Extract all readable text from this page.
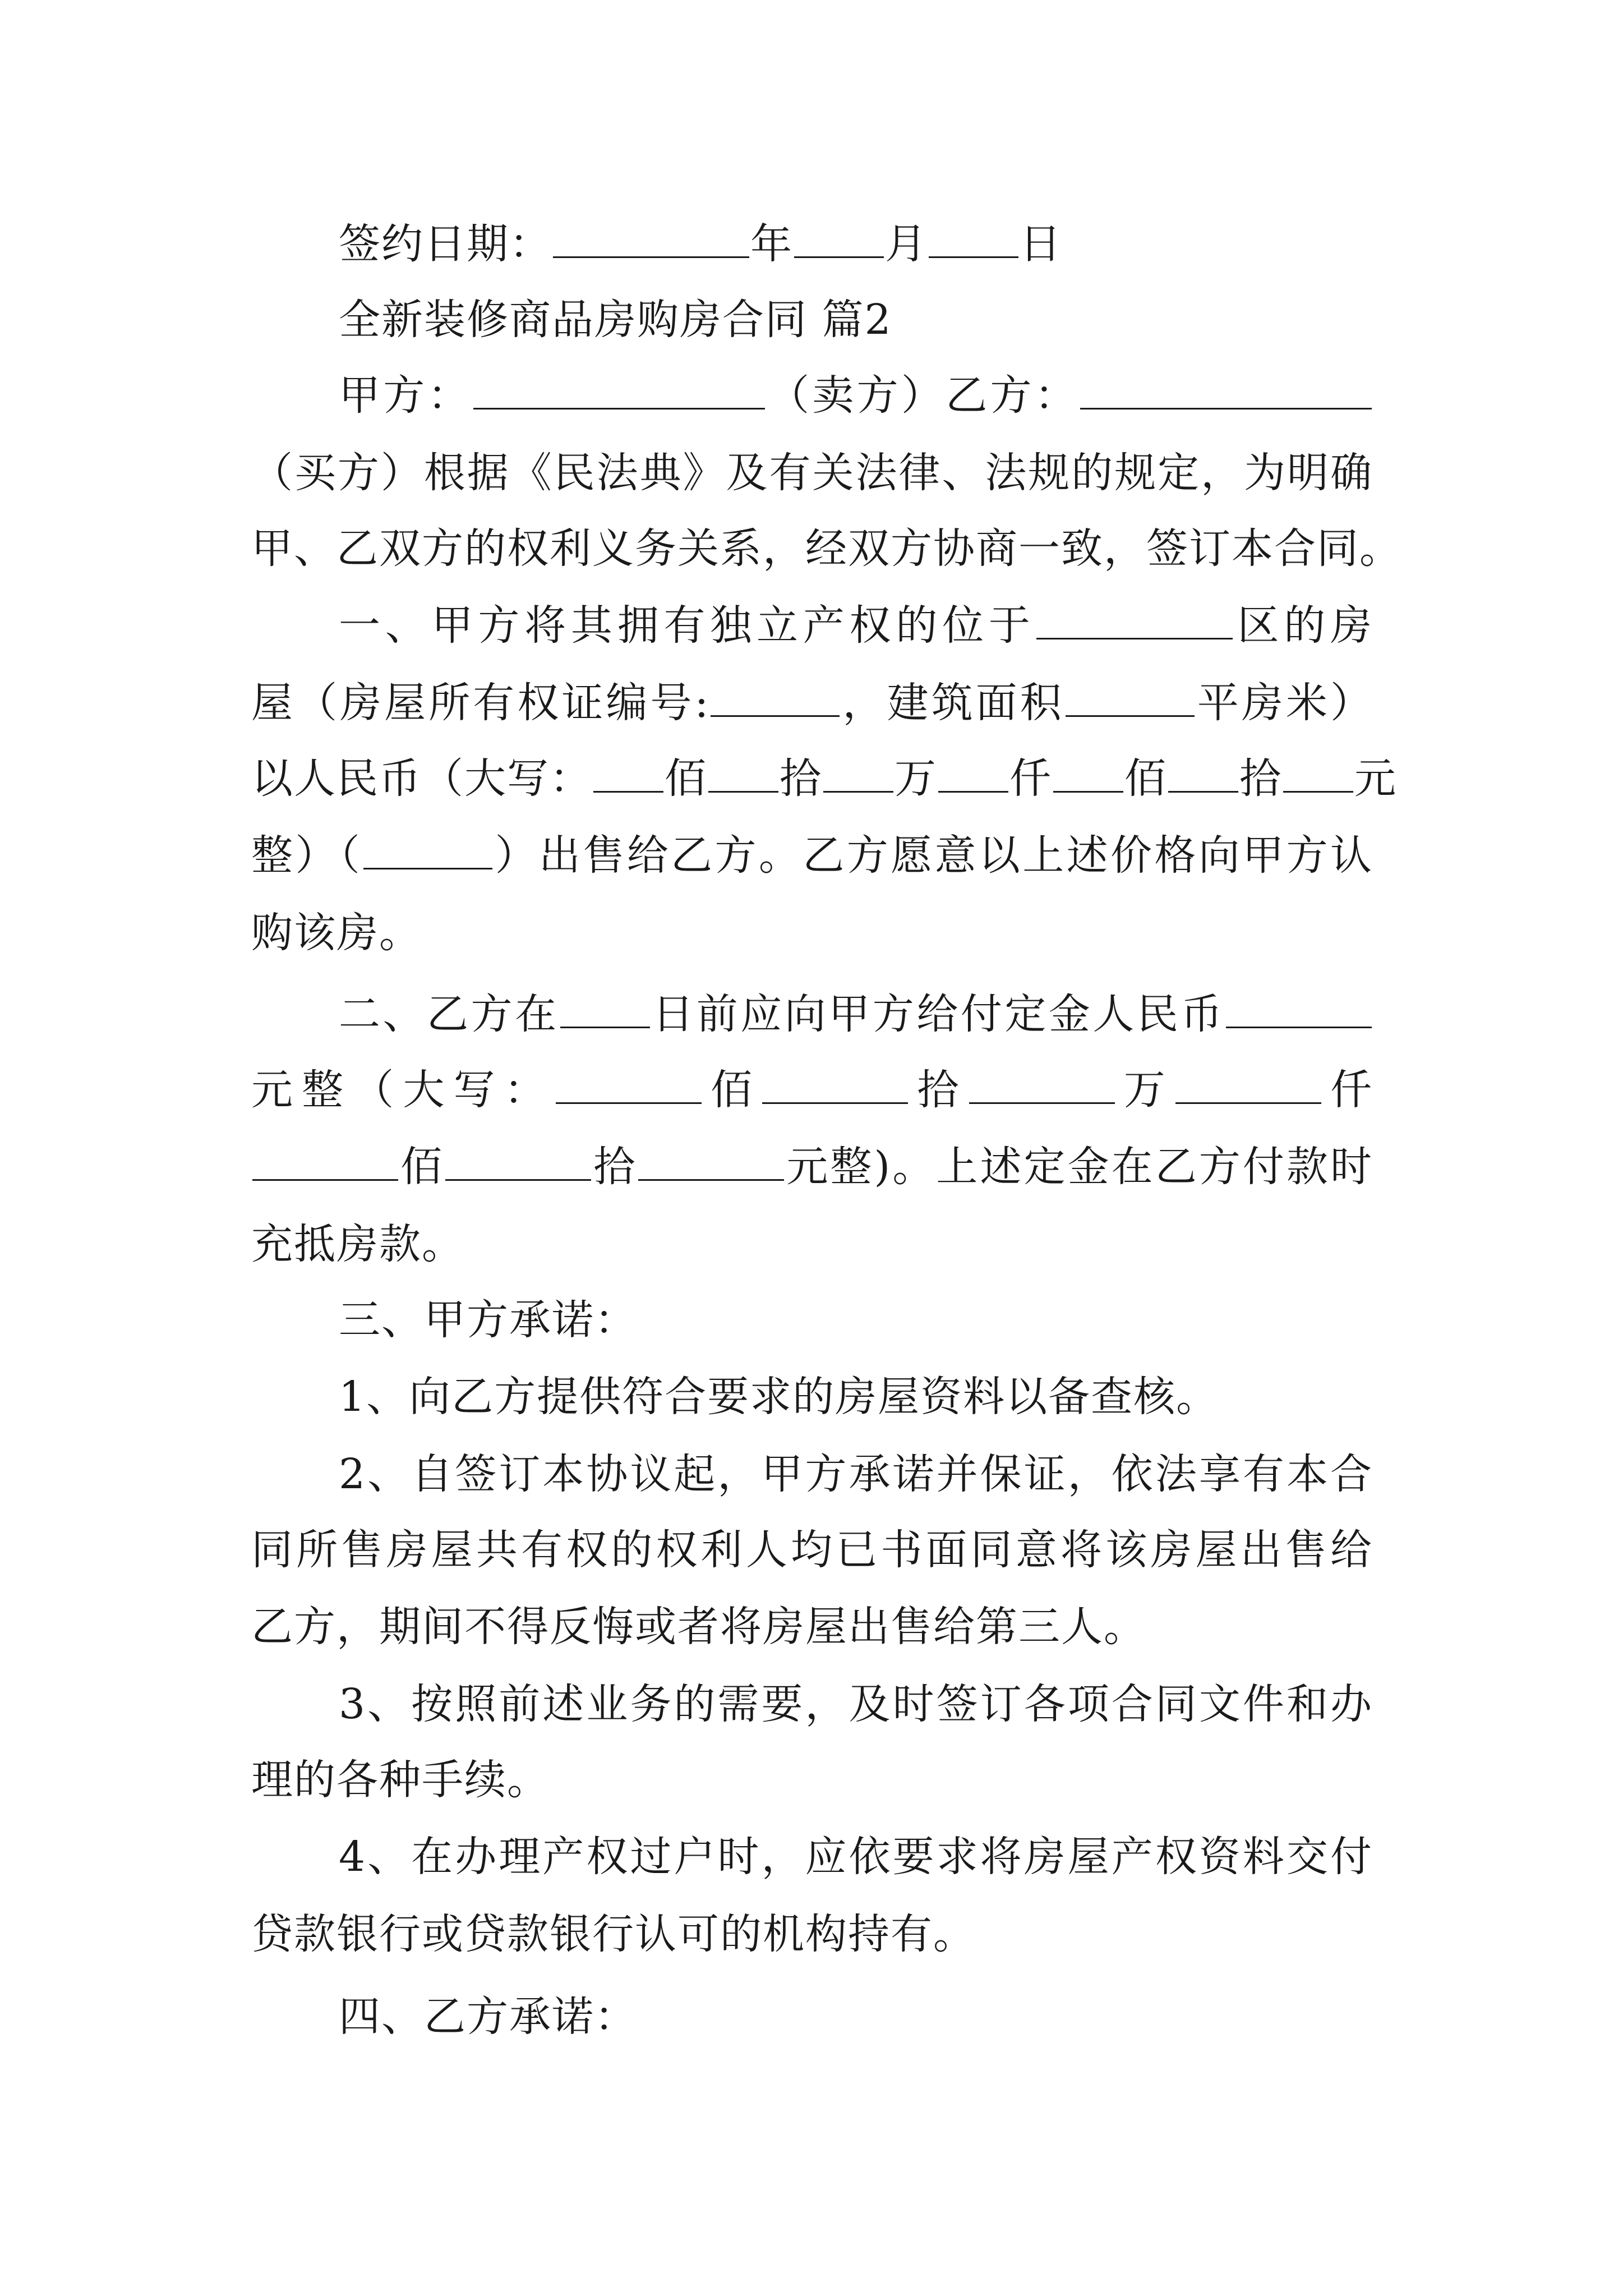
签约日期：	年 月 日
全新装修商品房购房合同 篇2
甲方：	（卖方）乙方：
（买方）根据《民法典》及有关法律、法规的规定，为明确
甲、乙双方的权利义务关系，经双方协商一致，签订本合同。
一、甲方将其拥有独立产权的位于	区的房
屋（房屋所有权证编号:	，建筑面积	平房米）
以人民币（大写： 佰 拾 万 仟 佰 拾 元
整）（	）出售给乙方。乙方愿意以上述价格向甲方认
购该房。
二、乙方在 日前应向甲方给付定金人民币
元整（大写：	佰	拾	万	仟
佰	拾	元整)。上述定金在乙方付款时
充抵房款。
三、甲方承诺：
1、向乙方提供符合要求的房屋资料以备查核。
2、自签订本协议起，甲方承诺并保证，依法享有本合
同所售房屋共有权的权利人均已书面同意将该房屋出售给
乙方，期间不得反悔或者将房屋出售给第三人。
3、按照前述业务的需要，及时签订各项合同文件和办
理的各种手续。
4、在办理产权过户时，应依要求将房屋产权资料交付
贷款银行或贷款银行认可的机构持有。
四、乙方承诺：
